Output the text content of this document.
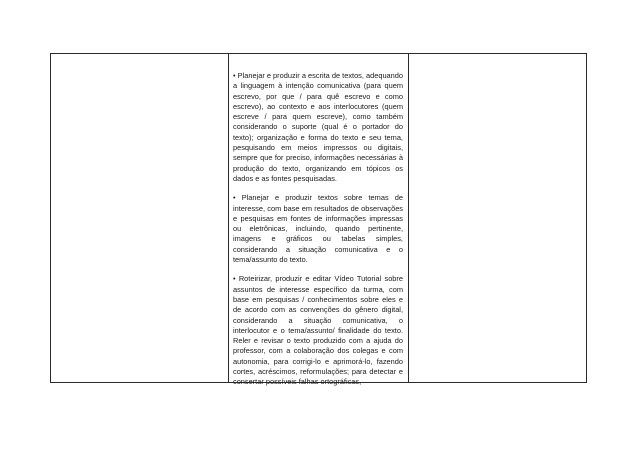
• Planejar e produzir a escrita de textos, adequando a linguagem à intenção comunicativa (para quem escrevo, por que / para quê escrevo e como escrevo), ao contexto e aos interlocutores (quem escreve / para quem escreve), como também considerando o suporte (qual é o portador do texto); organização e forma do texto e seu tema, pesquisando em meios impressos ou digitais, sempre que for preciso, informações necessárias à produção do texto, organizando em tópicos os dados e as fontes pesquisadas.

• Planejar e produzir textos sobre temas de interesse, com base em resultados de observações e pesquisas em fontes de informações impressas ou eletrônicas, incluindo, quando pertinente, imagens e gráficos ou tabelas simples, considerando a situação comunicativa e o tema/assunto do texto.

• Roteirizar, produzir e editar Vídeo Tutorial sobre assuntos de interesse específico da turma, com base em pesquisas / conhecimentos sobre eles e de acordo com as convenções do gênero digital, considerando a situação comunicativa, o interlocutor e o tema/assunto/ finalidade do texto. Reler e revisar o texto produzido com a ajuda do professor, com a colaboração dos colegas e com autonomia, para corrigi-lo e aprimorá-lo, fazendo cortes, acréscimos, reformulações; para detectar e consertar possíveis falhas ortográficas,
